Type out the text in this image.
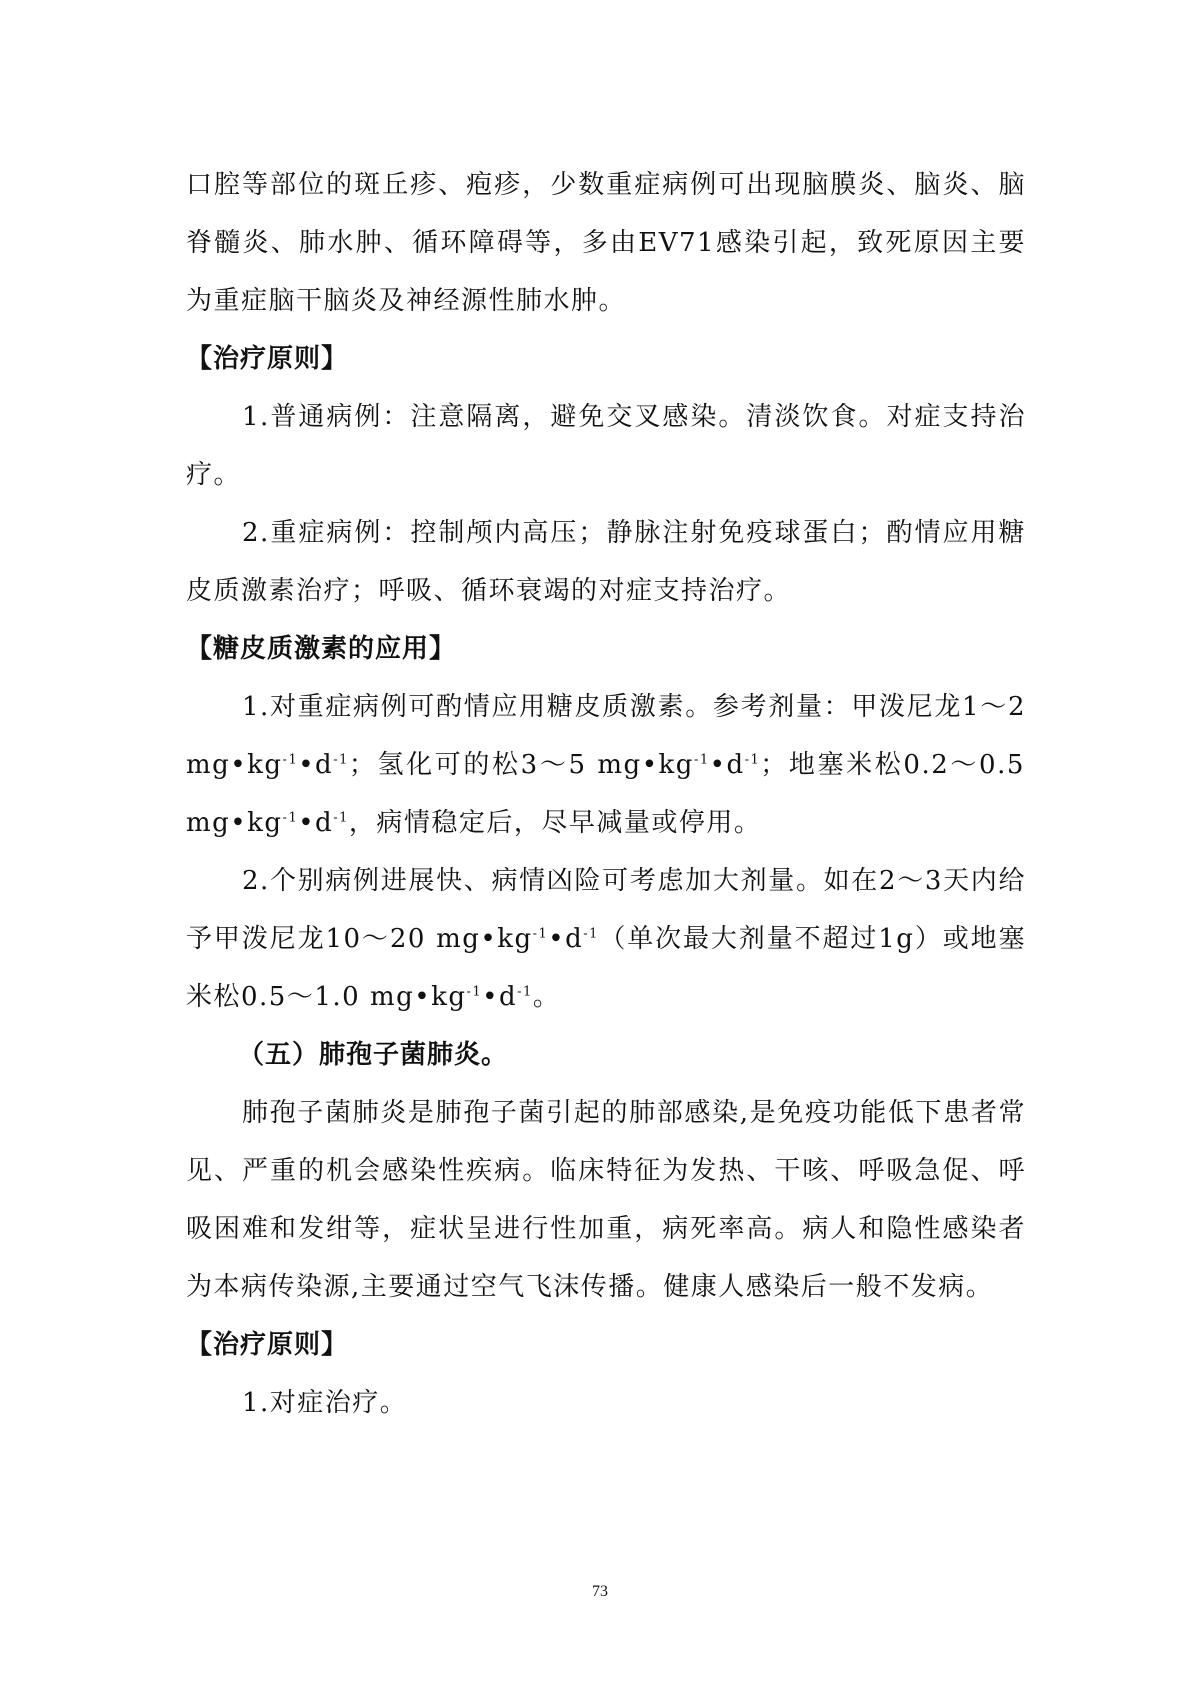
口腔等部位的斑丘疹、疱疹，少数重症病例可出现脑膜炎、脑炎、脑脊髓炎、肺水肿、循环障碍等，多由EV71感染引起，致死原因主要为重症脑干脑炎及神经源性肺水肿。

【治疗原则】

1.普通病例：注意隔离，避免交叉感染。清淡饮食。对症支持治疗。

2.重症病例：控制颅内高压；静脉注射免疫球蛋白；酌情应用糖皮质激素治疗；呼吸、循环衰竭的对症支持治疗。

【糖皮质激素的应用】

1.对重症病例可酌情应用糖皮质激素。参考剂量：甲泼尼龙1～2 $mg•kg^{-1}•d^{-1}$；氢化可的松3～5 $mg•kg^{-1}•d^{-1}$；地塞米松0.2～0.5 $mg•kg^{-1}•d^{-1}$，病情稳定后，尽早减量或停用。

2.个别病例进展快、病情凶险可考虑加大剂量。如在2～3天内给予甲泼尼龙10～20 $mg•kg^{-1}•d^{-1}$（单次最大剂量不超过1g）或地塞米松0.5～1.0 $mg•kg^{-1}•d^{-1}$。

（五）肺孢子菌肺炎。

肺孢子菌肺炎是肺孢子菌引起的肺部感染,是免疫功能低下患者常见、严重的机会感染性疾病。临床特征为发热、干咳、呼吸急促、呼吸困难和发绀等，症状呈进行性加重，病死率高。病人和隐性感染者为本病传染源,主要通过空气飞沫传播。健康人感染后一般不发病。

【治疗原则】

1.对症治疗。

73
